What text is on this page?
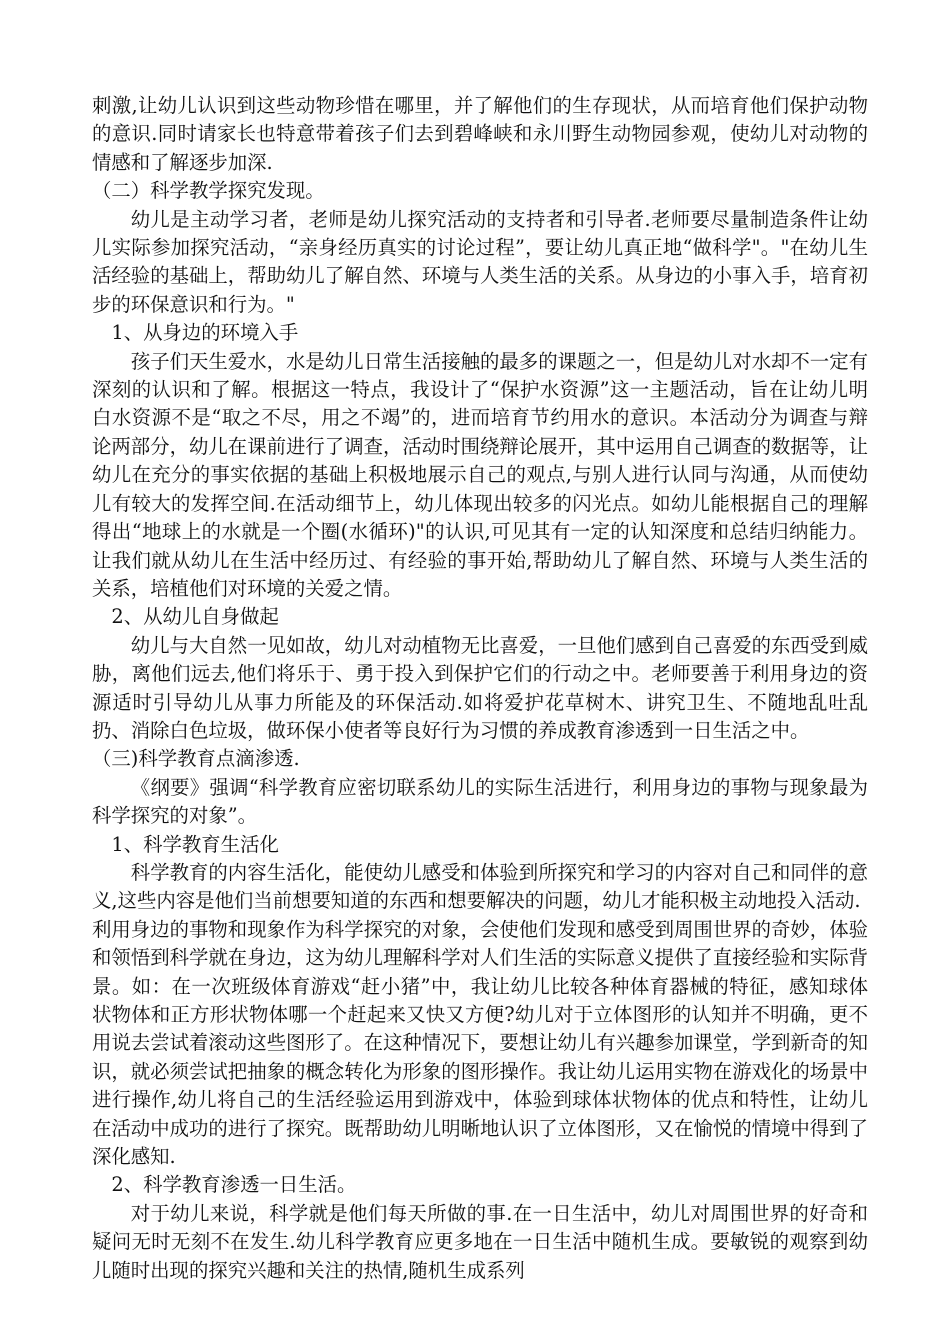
刺激,让幼儿认识到这些动物珍惜在哪里，并了解他们的生存现状，从而培育他们保护动物的意识.同时请家长也特意带着孩子们去到碧峰峡和永川野生动物园参观，使幼儿对动物的情感和了解逐步加深.

（二）科学教学探究发现。

幼儿是主动学习者，老师是幼儿探究活动的支持者和引导者.老师要尽量制造条件让幼儿实际参加探究活动，“亲身经历真实的讨论过程”，要让幼儿真正地“做科学"。"在幼儿生活经验的基础上，帮助幼儿了解自然、环境与人类生活的关系。从身边的小事入手，培育初步的环保意识和行为。"

1、从身边的环境入手

孩子们天生爱水，水是幼儿日常生活接触的最多的课题之一，但是幼儿对水却不一定有深刻的认识和了解。根据这一特点，我设计了“保护水资源”这一主题活动，旨在让幼儿明白水资源不是“取之不尽，用之不竭”的，进而培育节约用水的意识。本活动分为调查与辩论两部分，幼儿在课前进行了调查，活动时围绕辩论展开，其中运用自己调查的数据等，让幼儿在充分的事实依据的基础上积极地展示自己的观点,与别人进行认同与沟通，从而使幼儿有较大的发挥空间.在活动细节上，幼儿体现出较多的闪光点。如幼儿能根据自己的理解得出“地球上的水就是一个圈(水循环)"的认识,可见其有一定的认知深度和总结归纳能力。让我们就从幼儿在生活中经历过、有经验的事开始,帮助幼儿了解自然、环境与人类生活的关系，培植他们对环境的关爱之情。

2、从幼儿自身做起

幼儿与大自然一见如故，幼儿对动植物无比喜爱，一旦他们感到自己喜爱的东西受到威胁，离他们远去,他们将乐于、勇于投入到保护它们的行动之中。老师要善于利用身边的资源适时引导幼儿从事力所能及的环保活动.如将爱护花草树木、讲究卫生、不随地乱吐乱扔、消除白色垃圾，做环保小使者等良好行为习惯的养成教育渗透到一日生活之中。

（三)科学教育点滴渗透.

《纲要》强调“科学教育应密切联系幼儿的实际生活进行，利用身边的事物与现象最为科学探究的对象”。

1、科学教育生活化

科学教育的内容生活化，能使幼儿感受和体验到所探究和学习的内容对自己和同伴的意义,这些内容是他们当前想要知道的东西和想要解决的问题，幼儿才能积极主动地投入活动.

利用身边的事物和现象作为科学探究的对象，会使他们发现和感受到周围世界的奇妙，体验和领悟到科学就在身边，这为幼儿理解科学对人们生活的实际意义提供了直接经验和实际背景。如：在一次班级体育游戏“赶小猪”中，我让幼儿比较各种体育器械的特征，感知球体状物体和正方形状物体哪一个赶起来又快又方便?幼儿对于立体图形的认知并不明确，更不用说去尝试着滚动这些图形了。在这种情况下，要想让幼儿有兴趣参加课堂，学到新奇的知识，就必须尝试把抽象的概念转化为形象的图形操作。我让幼儿运用实物在游戏化的场景中进行操作,幼儿将自己的生活经验运用到游戏中，体验到球体状物体的优点和特性，让幼儿在活动中成功的进行了探究。既帮助幼儿明晰地认识了立体图形，又在愉悦的情境中得到了深化感知.

2、科学教育渗透一日生活。

对于幼儿来说，科学就是他们每天所做的事.在一日生活中，幼儿对周围世界的好奇和疑问无时无刻不在发生.幼儿科学教育应更多地在一日生活中随机生成。要敏锐的观察到幼儿随时出现的探究兴趣和关注的热情,随机生成系列
